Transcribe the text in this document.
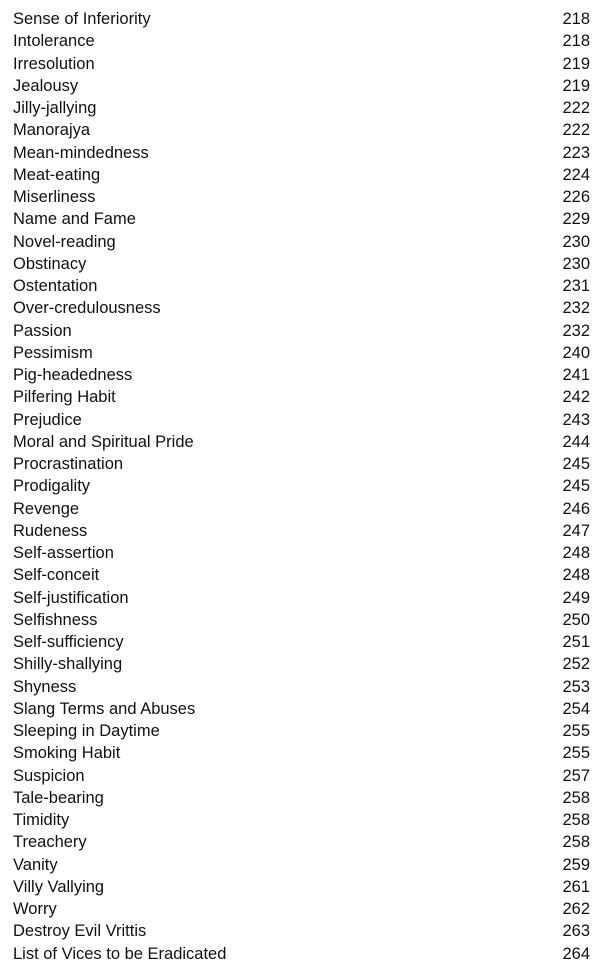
Sense of Inferiority	218
Intolerance	218
Irresolution	219
Jealousy	219
Jilly-jallying	222
Manorajya	222
Mean-mindedness	223
Meat-eating	224
Miserliness	226
Name and Fame	229
Novel-reading	230
Obstinacy	230
Ostentation	231
Over-credulousness	232
Passion	232
Pessimism	240
Pig-headedness	241
Pilfering Habit	242
Prejudice	243
Moral and Spiritual Pride	244
Procrastination	245
Prodigality	245
Revenge	246
Rudeness	247
Self-assertion	248
Self-conceit	248
Self-justification	249
Selfishness	250
Self-sufficiency	251
Shilly-shallying	252
Shyness	253
Slang Terms and Abuses	254
Sleeping in Daytime	255
Smoking Habit	255
Suspicion	257
Tale-bearing	258
Timidity	258
Treachery	258
Vanity	259
Villy Vallying	261
Worry	262
Destroy Evil Vrittis	263
List of Vices to be Eradicated	264
